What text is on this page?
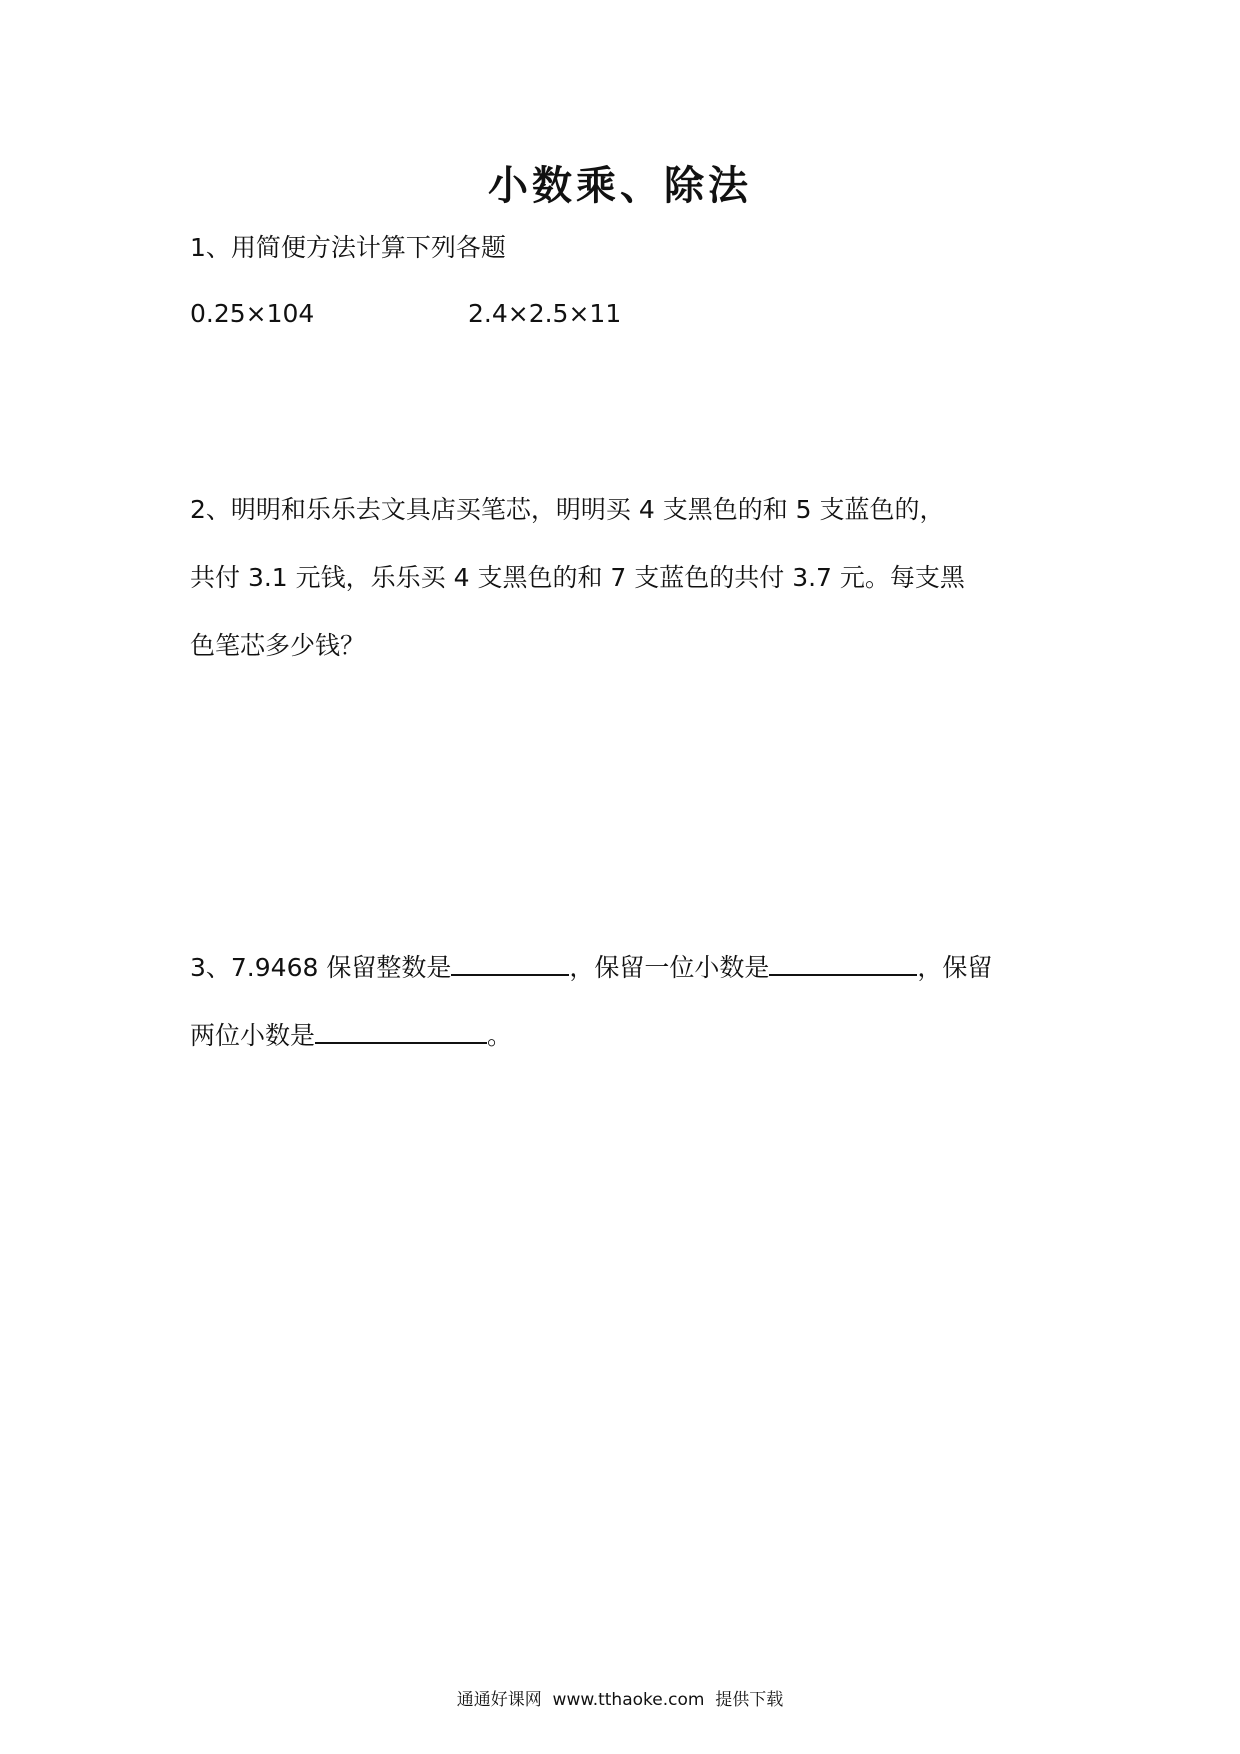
小数乘、除法
1、用简便方法计算下列各题
0.25×104	2.4×2.5×11
2、明明和乐乐去文具店买笔芯，明明买 4 支黑色的和 5 支蓝色的，
共付 3.1 元钱，乐乐买 4 支黑色的和 7 支蓝色的共付 3.7 元。每支黑
色笔芯多少钱？
3、7.9468 保留整数是	，保留一位小数是	，保留
两位小数是	。
通通好课网  www.tthaoke.com  提供下载
